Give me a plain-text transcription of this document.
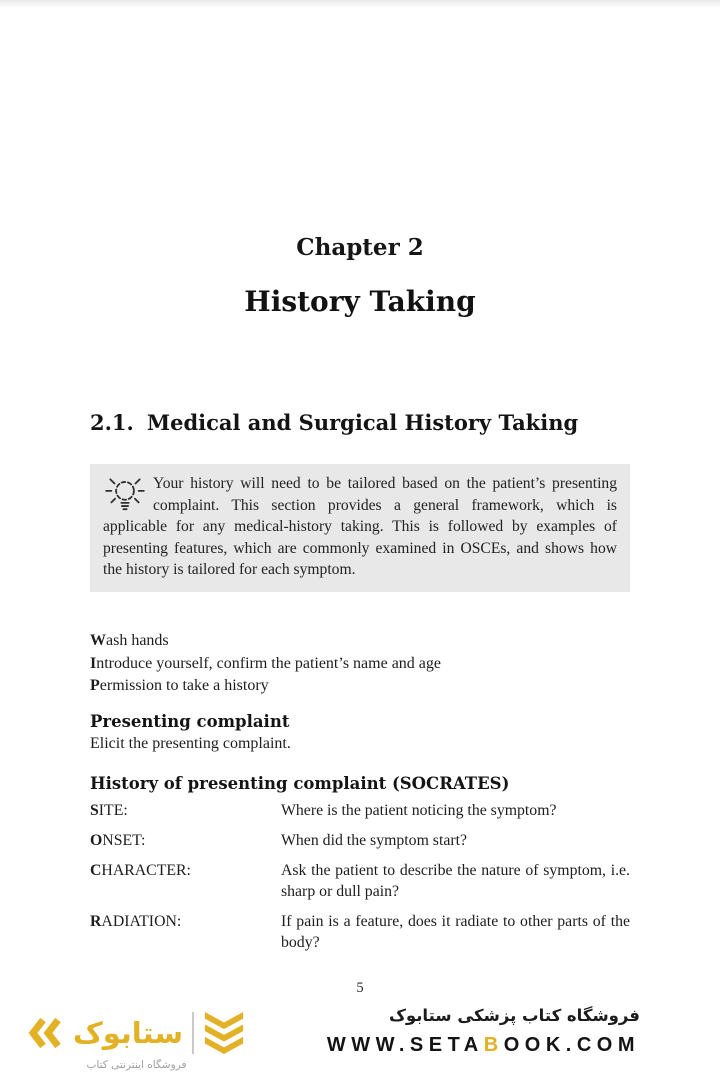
Chapter 2
History Taking
2.1. Medical and Surgical History Taking
Your history will need to be tailored based on the patient’s presenting complaint. This section provides a general framework, which is applicable for any medical-history taking. This is followed by examples of presenting features, which are commonly examined in OSCEs, and shows how the history is tailored for each symptom.

Wash hands

Introduce yourself, confirm the patient’s name and age

Permission to take a history

Presenting complaint

Elicit the presenting complaint.

History of presenting complaint (SOCRATES)
SITE:	Where is the patient noticing the symptom?
ONSET:	When did the symptom start?
CHARACTER:	Ask the patient to describe the nature of symptom, i.e. sharp or dull pain?
RADIATION:	If pain is a feature, does it radiate to other parts of the body?
5
ستابوک
فروشگاه اینترنتی کتاب
فروشگاه کتاب پزشکی ستابوک
WWW.SETABOOK.COM
